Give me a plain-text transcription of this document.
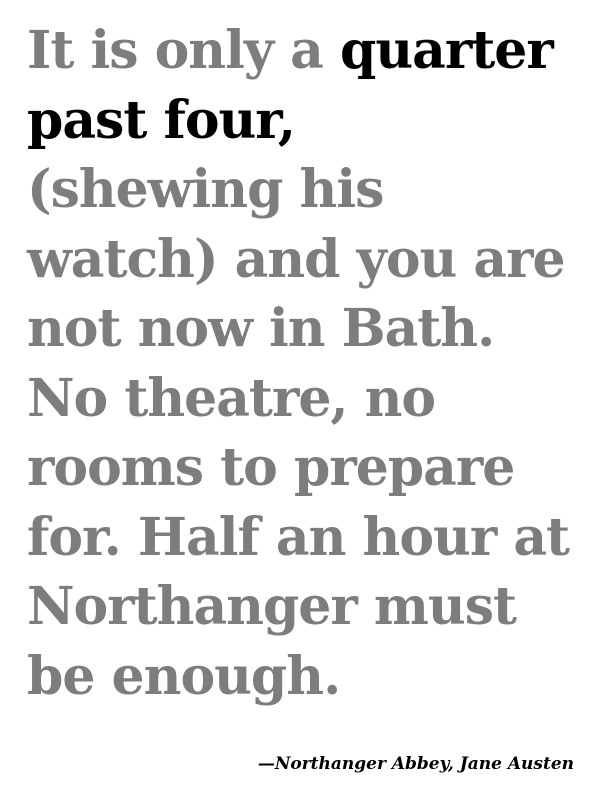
It is only a quarter
past four,
(shewing his
watch) and you are
not now in Bath.
No theatre, no
rooms to prepare
for. Half an hour at
Northanger must
be enough.

—Northanger Abbey, Jane Austen
